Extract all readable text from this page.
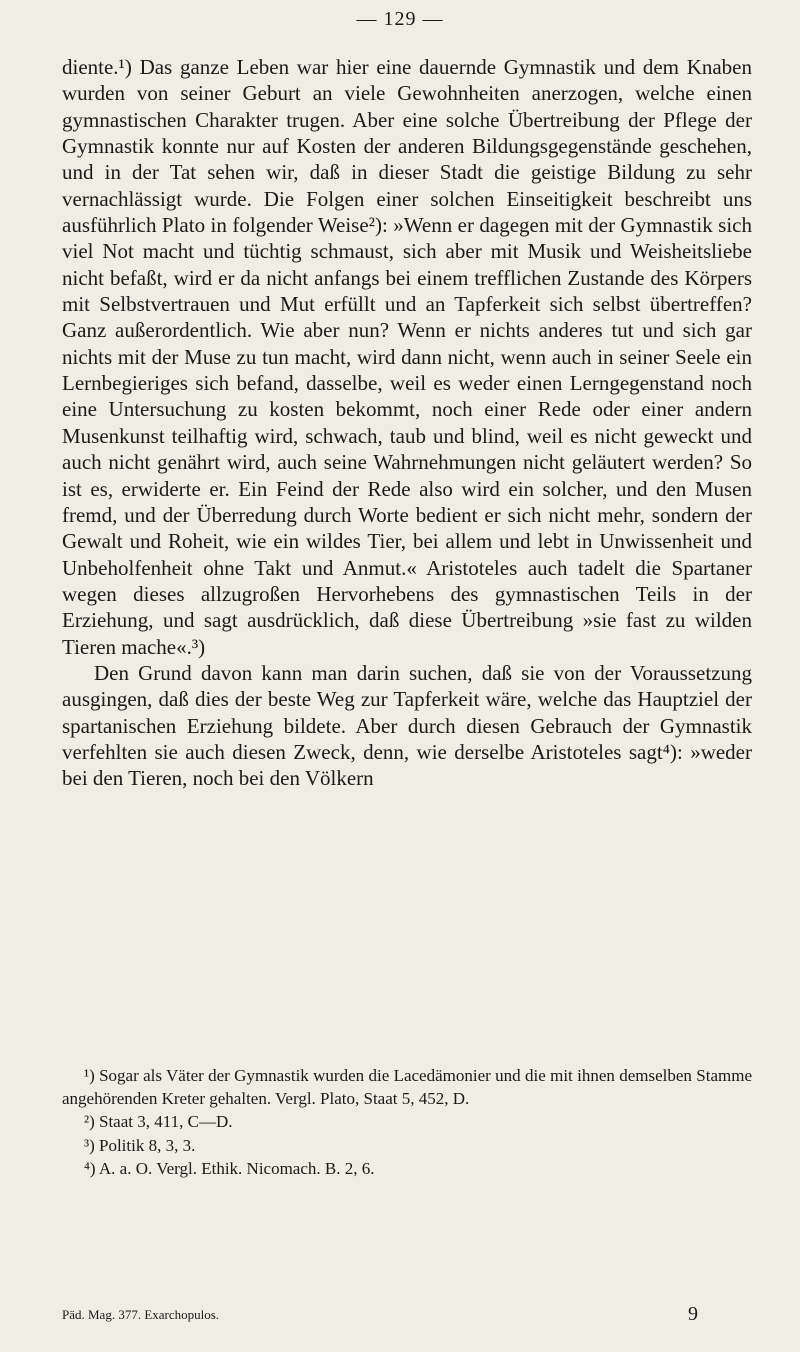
— 129 —

diente.¹) Das ganze Leben war hier eine dauernde Gymnastik und dem Knaben wurden von seiner Geburt an viele Gewohnheiten anerzogen, welche einen gymnastischen Charakter trugen. Aber eine solche Übertreibung der Pflege der Gymnastik konnte nur auf Kosten der anderen Bildungsgegenstände geschehen, und in der Tat sehen wir, daß in dieser Stadt die geistige Bildung zu sehr vernachlässigt wurde. Die Folgen einer solchen Einseitigkeit beschreibt uns ausführlich Plato in folgender Weise²): »Wenn er dagegen mit der Gymnastik sich viel Not macht und tüchtig schmaust, sich aber mit Musik und Weisheitsliebe nicht befaßt, wird er da nicht anfangs bei einem trefflichen Zustande des Körpers mit Selbstvertrauen und Mut erfüllt und an Tapferkeit sich selbst übertreffen? Ganz außerordentlich. Wie aber nun? Wenn er nichts anderes tut und sich gar nichts mit der Muse zu tun macht, wird dann nicht, wenn auch in seiner Seele ein Lernbegieriges sich befand, dasselbe, weil es weder einen Lerngegenstand noch eine Untersuchung zu kosten bekommt, noch einer Rede oder einer andern Musenkunst teilhaftig wird, schwach, taub und blind, weil es nicht geweckt und auch nicht genährt wird, auch seine Wahrnehmungen nicht geläutert werden? So ist es, erwiderte er. Ein Feind der Rede also wird ein solcher, und den Musen fremd, und der Überredung durch Worte bedient er sich nicht mehr, sondern der Gewalt und Roheit, wie ein wildes Tier, bei allem und lebt in Unwissenheit und Unbeholfenheit ohne Takt und Anmut.« Aristoteles auch tadelt die Spartaner wegen dieses allzugroßen Hervorhebens des gymnastischen Teils in der Erziehung, und sagt ausdrücklich, daß diese Übertreibung »sie fast zu wilden Tieren mache«.³)

Den Grund davon kann man darin suchen, daß sie von der Voraussetzung ausgingen, daß dies der beste Weg zur Tapferkeit wäre, welche das Hauptziel der spartanischen Erziehung bildete. Aber durch diesen Gebrauch der Gymnastik verfehlten sie auch diesen Zweck, denn, wie derselbe Aristoteles sagt⁴): »weder bei den Tieren, noch bei den Völkern

¹) Sogar als Väter der Gymnastik wurden die Lacedämonier und die mit ihnen demselben Stamme angehörenden Kreter gehalten. Vergl. Plato, Staat 5, 452, D.

²) Staat 3, 411, C—D.

³) Politik 8, 3, 3.

⁴) A. a. O. Vergl. Ethik. Nicomach. B. 2, 6.

Päd. Mag. 377. Exarchopulos.	9
